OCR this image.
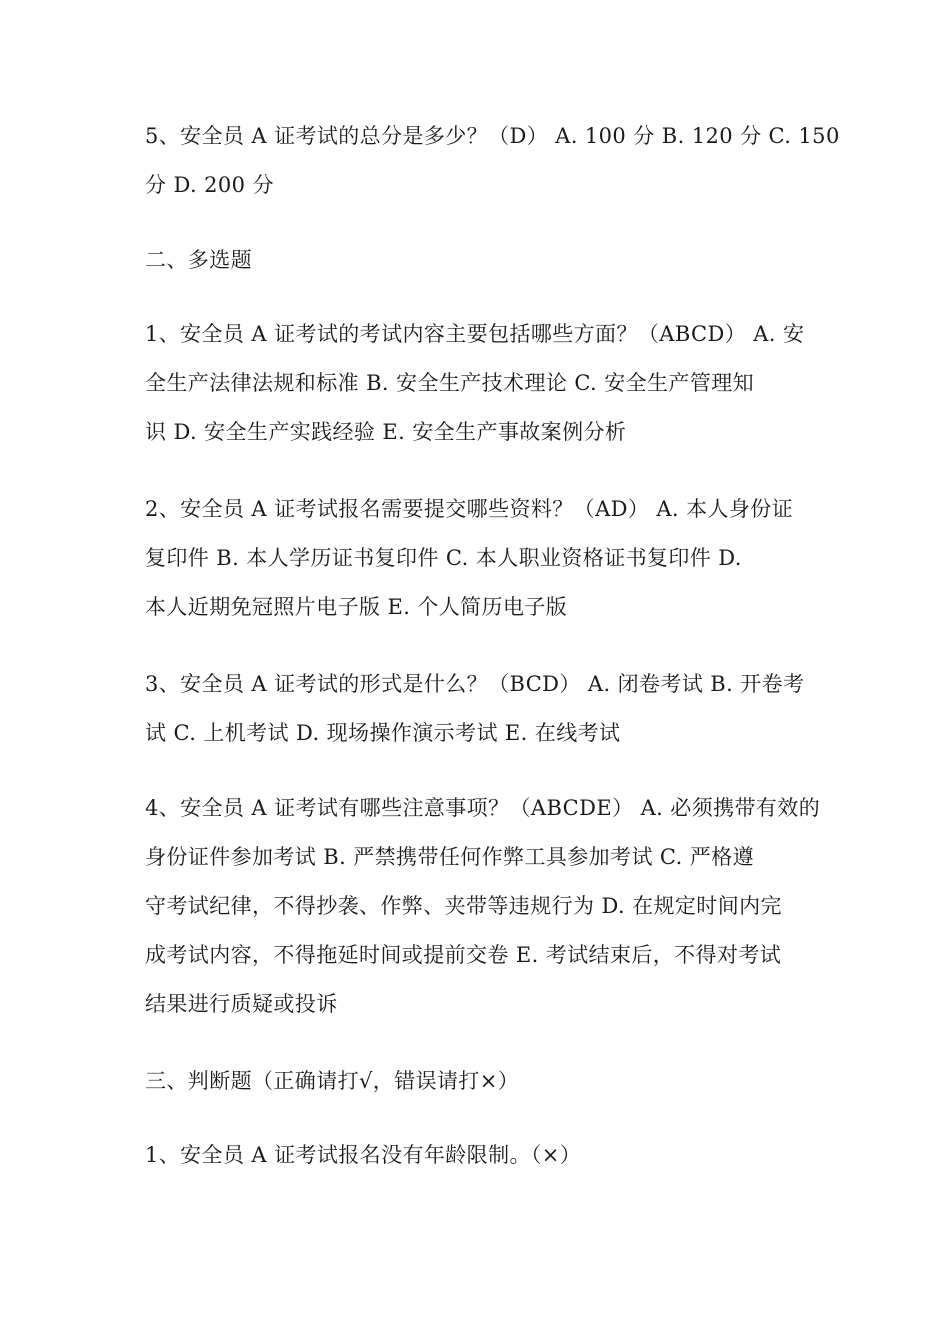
5、安全员 A 证考试的总分是多少？（D） A. 100 分 B. 120 分 C. 150
分 D. 200 分

二、多选题

1、安全员 A 证考试的考试内容主要包括哪些方面？（ABCD） A. 安
全生产法律法规和标准 B. 安全生产技术理论 C. 安全生产管理知
识 D. 安全生产实践经验 E. 安全生产事故案例分析

2、安全员 A 证考试报名需要提交哪些资料？（AD） A. 本人身份证
复印件 B. 本人学历证书复印件 C. 本人职业资格证书复印件 D.
本人近期免冠照片电子版 E. 个人简历电子版

3、安全员 A 证考试的形式是什么？（BCD） A. 闭卷考试 B. 开卷考
试 C. 上机考试 D. 现场操作演示考试 E. 在线考试

4、安全员 A 证考试有哪些注意事项？（ABCDE） A. 必须携带有效的
身份证件参加考试 B. 严禁携带任何作弊工具参加考试 C. 严格遵
守考试纪律，不得抄袭、作弊、夹带等违规行为 D. 在规定时间内完
成考试内容，不得拖延时间或提前交卷 E. 考试结束后，不得对考试
结果进行质疑或投诉

三、判断题（正确请打√，错误请打×）

1、安全员 A 证考试报名没有年龄限制。（×）
